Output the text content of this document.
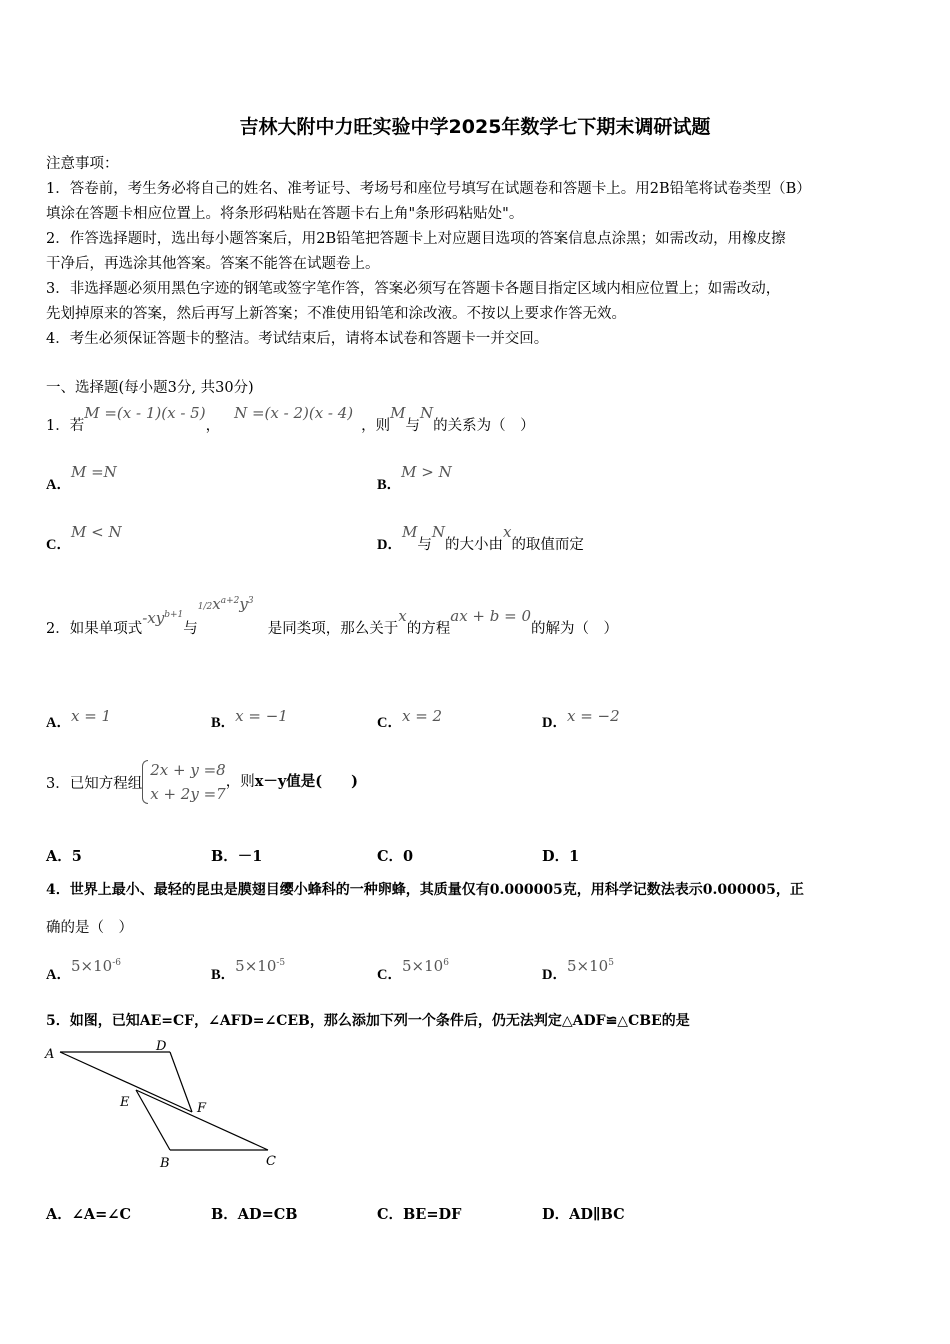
吉林大附中力旺实验中学2025年数学七下期末调研试题
注意事项：
1．答卷前，考生务必将自己的姓名、准考证号、考场号和座位号填写在试题卷和答题卡上。用2B铅笔将试卷类型（B）
填涂在答题卡相应位置上。将条形码粘贴在答题卡右上角"条形码粘贴处"。
2．作答选择题时，选出每小题答案后，用2B铅笔把答题卡上对应题目选项的答案信息点涂黑；如需改动，用橡皮擦
干净后，再选涂其他答案。答案不能答在试题卷上。
3．非选择题必须用黑色字迹的钢笔或签字笔作答，答案必须写在答题卡各题目指定区域内相应位置上；如需改动，
先划掉原来的答案，然后再写上新答案；不准使用铅笔和涂改液。不按以上要求作答无效。
4．考生必须保证答题卡的整洁。考试结束后，请将本试卷和答题卡一并交回。
一、选择题(每小题3分, 共30分)
1．若M =(x - 1)(x - 5)，N =(x - 2)(x - 4)，则M与N的关系为（　）
A．M =N
B．M > N
C．M < N
D．M与N的大小由x的取值而定
2．如果单项式$-xy^{b+1}$与$1/2x^{a+2}y^3$是同类项，那么关于x的方程ax + b = 0的解为（　）
A．x = 1	B．x = −1	C．x = 2	D．x = −2
3．已知方程组
2x + y =8
x + 2y =7
，则x－y值是(　　)
A．5	B．－1	C．0	D．1
4．世界上最小、最轻的昆虫是膜翅目缨小蜂科的一种卵蜂，其质量仅有0.000005克，用科学记数法表示0.000005，正
确的是（　）
A．$5\times 10^{-6}$
B．$5\times 10^{-5}$
C．$5\times 10^6$
D．$5\times 10^5$
5．如图，已知AE=CF，∠AFD=∠CEB，那么添加下列一个条件后，仍无法判定△ADF≌△CBE的是
A
D
E	F
B	C
A．∠A=∠C	B．AD=CB	C．BE=DF	D．AD∥BC
